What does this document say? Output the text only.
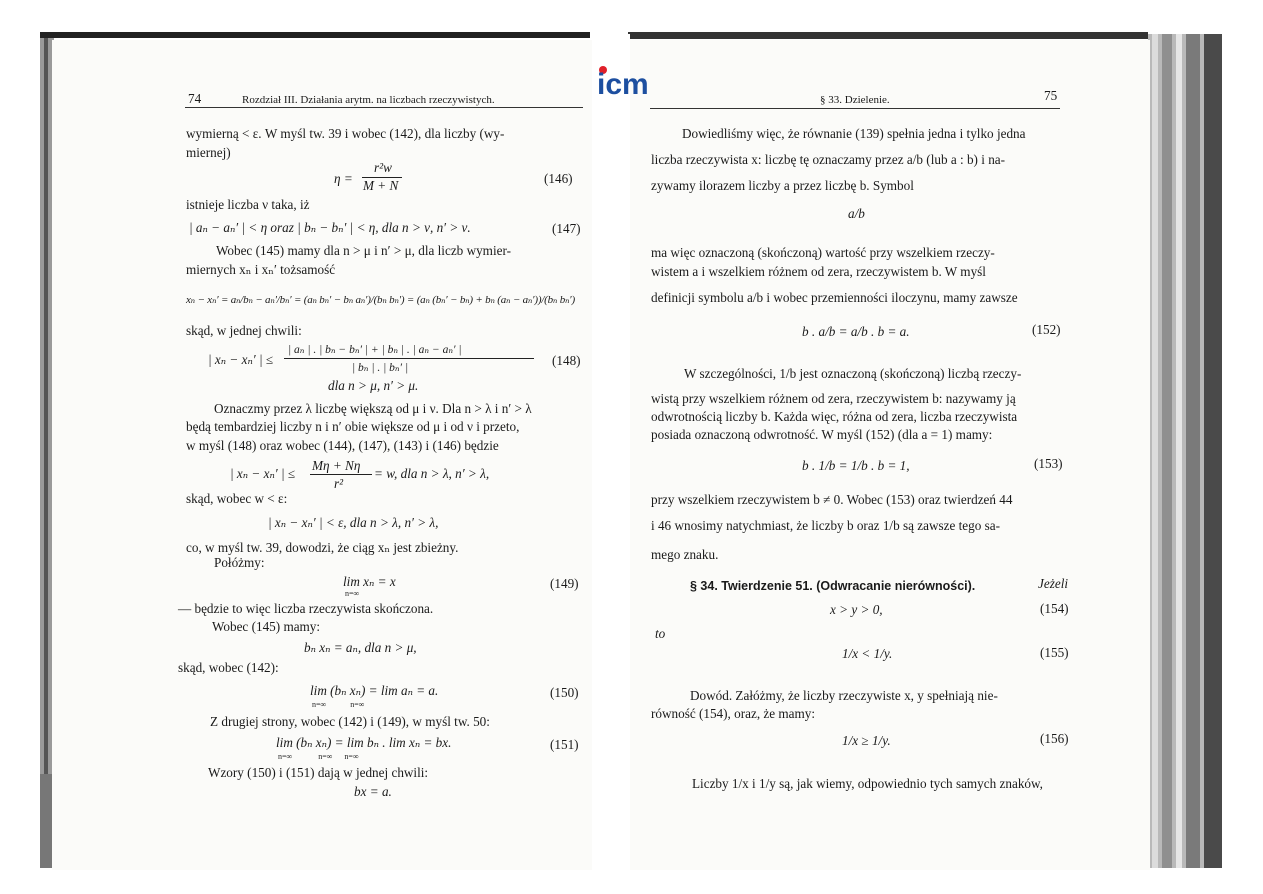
icm
74	Rozdział III. Działania arytm. na liczbach rzeczywistych.
wymierną < ε. W myśl tw. 39 i wobec (142), dla liczby (wy-
miernej)
η =
r²w
M + N	(146)
istnieje liczba ν taka, iż
| aₙ − aₙ′ | < η oraz | bₙ − bₙ′ | < η, dla n > ν, n′ > ν.	(147)
Wobec (145) mamy dla n > μ i n′ > μ, dla liczb wymier-
miernych xₙ i xₙ′ tożsamość
xₙ − xₙ′ = aₙ/bₙ − aₙ′/bₙ′ = (aₙ bₙ′ − bₙ aₙ′)/(bₙ bₙ′) = (aₙ (bₙ′ − bₙ) + bₙ (aₙ − aₙ′))/(bₙ bₙ′)
skąd, w jednej chwili:
| xₙ − xₙ′ | ≤
| aₙ | . | bₙ − bₙ′ | + | bₙ | . | aₙ − aₙ′ |
| bₙ | . | bₙ′ |	(148)
dla n > μ, n′ > μ.
Oznaczmy przez λ liczbę większą od μ i ν. Dla n > λ i n′ > λ
będą tembardziej liczby n i n′ obie większe od μ i od ν i przeto,
w myśl (148) oraz wobec (144), (147), (143) i (146) będzie
| xₙ − xₙ′ | ≤
Mη + Nη
r²
= w, dla n > λ, n′ > λ,
skąd, wobec w < ε:
| xₙ − xₙ′ | < ε, dla n > λ, n′ > λ,
co, w myśl tw. 39, dowodzi, że ciąg xₙ jest zbieżny.
Połóżmy:
lim xₙ = x
n=∞
(149)
— będzie to więc liczba rzeczywista skończona.
Wobec (145) mamy:
bₙ xₙ = aₙ, dla n > μ,
skąd, wobec (142):
lim (bₙ xₙ) = lim aₙ = a.
n=∞            n=∞
(150)
Z drugiej strony, wobec (142) i (149), w myśl tw. 50:
lim (bₙ xₙ) = lim bₙ . lim xₙ = bx.
n=∞             n=∞      n=∞
(151)
Wzory (150) i (151) dają w jednej chwili:
bx = a.
§ 33. Dzielenie.	75
Dowiedliśmy więc, że równanie (139) spełnia jedna i tylko jedna
liczba rzeczywista x: liczbę tę oznaczamy przez a/b (lub a : b) i na-
zywamy ilorazem liczby a przez liczbę b. Symbol
a/b
ma więc oznaczoną (skończoną) wartość przy wszelkiem rzeczy-
wistem a i wszelkiem różnem od zera, rzeczywistem b. W myśl
definicji symbolu a/b i wobec przemienności iloczynu, mamy zawsze
b . a/b = a/b . b = a.	(152)
W szczególności, 1/b jest oznaczoną (skończoną) liczbą rzeczy-
wistą przy wszelkiem różnem od zera, rzeczywistem b: nazywamy ją
odwrotnością liczby b. Każda więc, różna od zera, liczba rzeczywista
posiada oznaczoną odwrotność. W myśl (152) (dla a = 1) mamy:
b . 1/b = 1/b . b = 1,	(153)
przy wszelkiem rzeczywistem b ≠ 0. Wobec (153) oraz twierdzeń 44
i 46 wnosimy natychmiast, że liczby b oraz 1/b są zawsze tego sa-
mego znaku.
§ 34. Twierdzenie 51. (Odwracanie nierówności).	Jeżeli
x > y > 0,	(154)
to
1/x < 1/y.	(155)
Dowód. Załóżmy, że liczby rzeczywiste x, y spełniają nie-
równość (154), oraz, że mamy:
1/x ≥ 1/y.	(156)
Liczby 1/x i 1/y są, jak wiemy, odpowiednio tych samych znaków,
